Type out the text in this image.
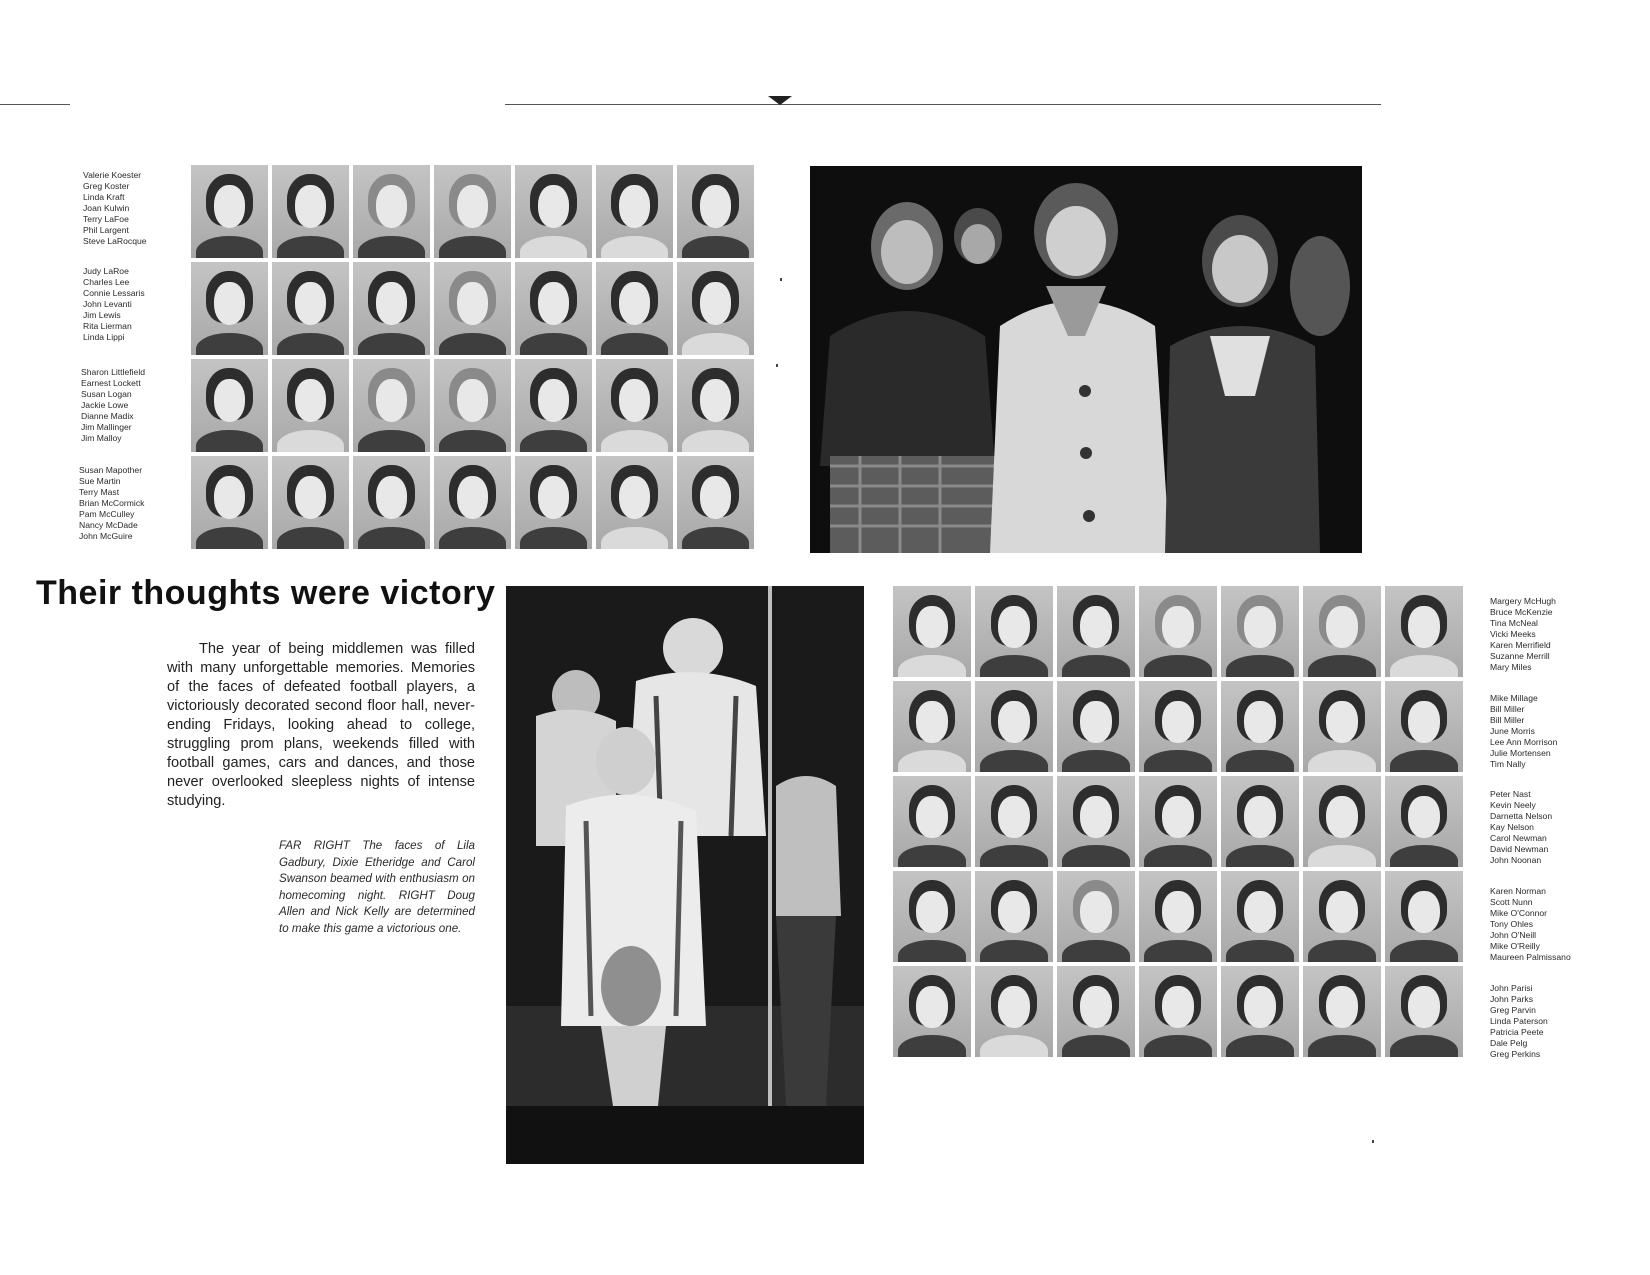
Valerie Koester
Greg Koster
Linda Kraft
Joan Kulwin
Terry LaFoe
Phil Largent
Steve LaRocque
Judy LaRoe
Charles Lee
Connie Lessaris
John Levanti
Jim Lewis
Rita Lierman
Linda Lippi
Sharon Littlefield
Earnest Lockett
Susan Logan
Jackie Lowe
Dianne Madix
Jim Mallinger
Jim Malloy
Susan Mapother
Sue Martin
Terry Mast
Brian McCormick
Pam McCulley
Nancy McDade
John McGuire
Their thoughts were victory
The year of being middlemen was filled with many unforgettable memories. Memories of the faces of defeated football players, a victoriously decorated second floor hall, never-ending Fridays, looking ahead to college, struggling prom plans, weekends filled with football games, cars and dances, and those never overlooked sleepless nights of intense studying.
FAR RIGHT The faces of Lila Gadbury, Dixie Etheridge and Carol Swanson beamed with enthusiasm on homecoming night. RIGHT Doug Allen and Nick Kelly are determined to make this game a victorious one.
Margery McHugh
Bruce McKenzie
Tina McNeal
Vicki Meeks
Karen Merrifield
Suzanne Merrill
Mary Miles
Mike Millage
Bill Miller
Bill Miller
June Morris
Lee Ann Morrison
Julie Mortensen
Tim Nally
Peter Nast
Kevin Neely
Darnetta Nelson
Kay Nelson
Carol Newman
David Newman
John Noonan
Karen Norman
Scott Nunn
Mike O'Connor
Tony Ohles
John O'Neill
Mike O'Reilly
Maureen Palmissano
John Parisi
John Parks
Greg Parvin
Linda Paterson
Patricia Peete
Dale Pelg
Greg Perkins
